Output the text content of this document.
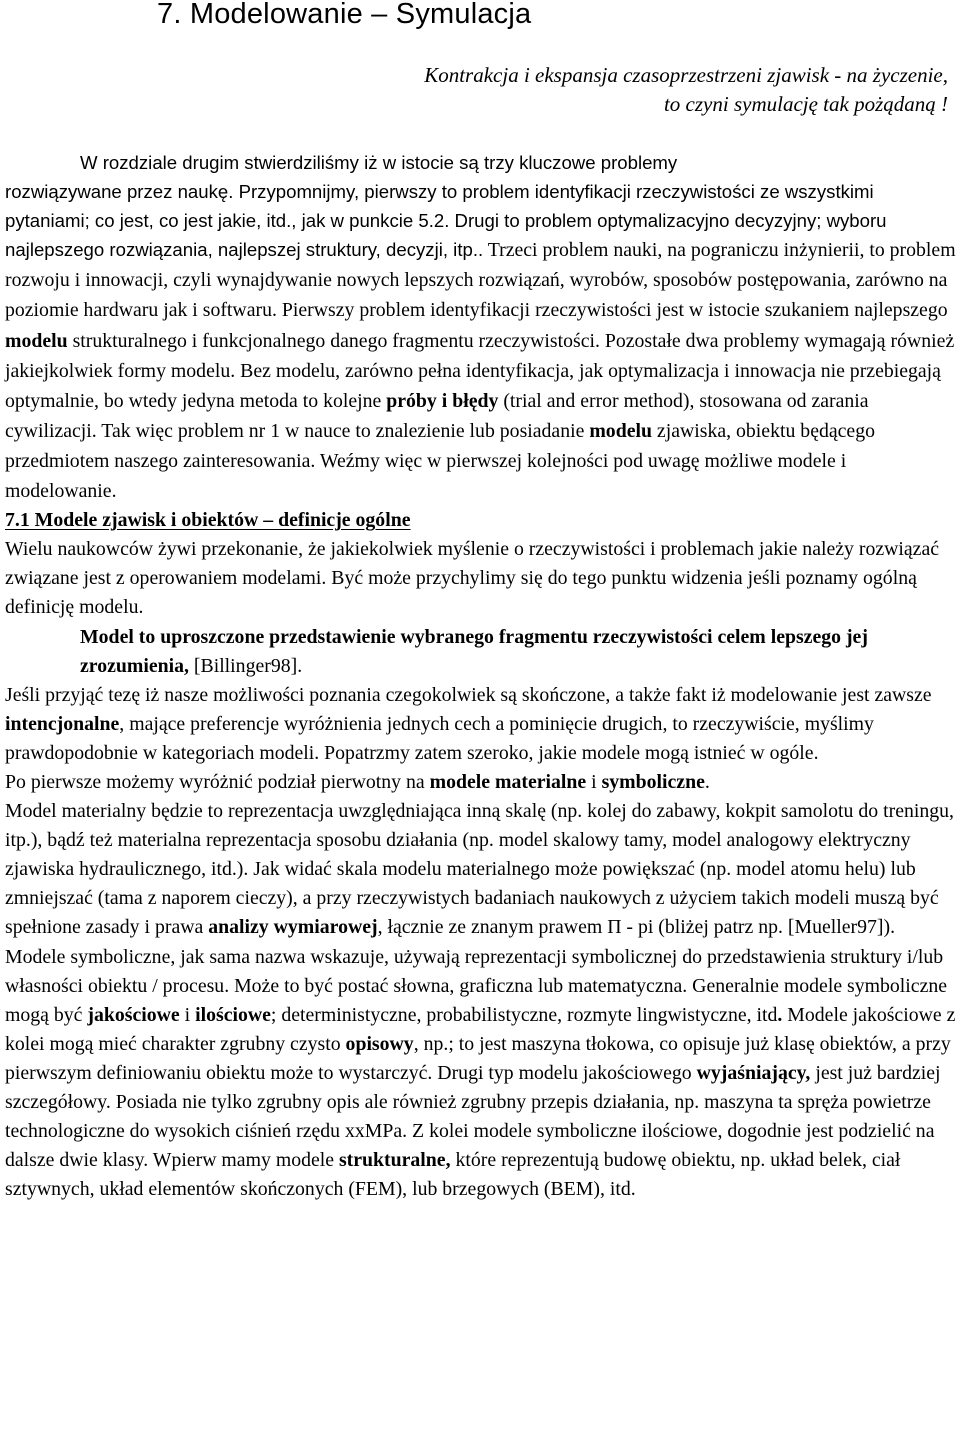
7. Modelowanie – Symulacja
Kontrakcja i ekspansja czasoprzestrzeni zjawisk - na życzenie,
to czyni symulację tak pożądaną !

W rozdziale drugim stwierdziliśmy iż w istocie są trzy kluczowe problemy

rozwiązywane przez naukę. Przypomnijmy, pierwszy to problem identyfikacji rzeczywistości ze wszystkimi pytaniami; co jest, co jest jakie, itd., jak w punkcie 5.2. Drugi to problem optymalizacyjno decyzyjny; wyboru najlepszego rozwiązania, najlepszej struktury, decyzji, itp.. Trzeci problem nauki, na pograniczu inżynierii, to problem rozwoju i innowacji, czyli wynajdywanie nowych lepszych rozwiązań, wyrobów, sposobów postępowania, zarówno na poziomie hardwaru jak i softwaru. Pierwszy problem identyfikacji rzeczywistości jest w istocie szukaniem najlepszego modelu strukturalnego i funkcjonalnego danego fragmentu rzeczywistości. Pozostałe dwa problemy wymagają również jakiejkolwiek formy modelu. Bez modelu, zarówno pełna identyfikacja, jak optymalizacja i innowacja nie przebiegają optymalnie, bo wtedy jedyna metoda to kolejne próby i błędy (trial and error method), stosowana od zarania cywilizacji. Tak więc problem nr 1 w nauce to znalezienie lub posiadanie modelu zjawiska, obiektu będącego przedmiotem naszego zainteresowania. Weźmy więc w pierwszej kolejności pod uwagę możliwe modele i modelowanie.

7.1 Modele zjawisk i obiektów – definicje ogólne

Wielu naukowców żywi przekonanie, że jakiekolwiek myślenie o rzeczywistości i problemach jakie należy rozwiązać związane jest z operowaniem modelami. Być może przychylimy się do tego punktu widzenia jeśli poznamy ogólną definicję modelu.

Model to uproszczone przedstawienie wybranego fragmentu rzeczywistości celem lepszego jej zrozumienia, [Billinger98].

Jeśli przyjąć tezę iż nasze możliwości poznania czegokolwiek są skończone, a także fakt iż modelowanie jest zawsze intencjonalne, mające preferencje wyróżnienia jednych cech a pominięcie drugich, to rzeczywiście, myślimy prawdopodobnie w kategoriach modeli. Popatrzmy zatem szeroko, jakie modele mogą istnieć w ogóle.

Po pierwsze możemy wyróżnić podział pierwotny na modele materialne i symboliczne.

Model materialny będzie to reprezentacja uwzględniająca inną skalę (np. kolej do zabawy, kokpit samolotu do treningu, itp.), bądź też materialna reprezentacja sposobu działania (np. model skalowy tamy, model analogowy elektryczny zjawiska hydraulicznego, itd.). Jak widać skala modelu materialnego może powiększać (np. model atomu helu) lub zmniejszać (tama z naporem cieczy), a przy rzeczywistych badaniach naukowych z użyciem takich modeli muszą być spełnione zasady i prawa analizy wymiarowej, łącznie ze znanym prawem Π - pi (bliżej patrz np. [Mueller97]).

Modele symboliczne, jak sama nazwa wskazuje, używają reprezentacji symbolicznej do przedstawienia struktury i/lub własności obiektu / procesu. Może to być postać słowna, graficzna lub matematyczna. Generalnie modele symboliczne mogą być jakościowe i ilościowe; deterministyczne, probabilistyczne, rozmyte lingwistyczne, itd. Modele jakościowe z kolei mogą mieć charakter zgrubny czysto opisowy, np.; to jest maszyna tłokowa, co opisuje już klasę obiektów, a przy pierwszym definiowaniu obiektu może to wystarczyć. Drugi typ modelu jakościowego wyjaśniający, jest już bardziej szczegółowy. Posiada nie tylko zgrubny opis ale również zgrubny przepis działania, np. maszyna ta spręża powietrze technologiczne do wysokich ciśnień rzędu xxMPa. Z kolei modele symboliczne ilościowe, dogodnie jest podzielić na dalsze dwie klasy. Wpierw mamy modele strukturalne, które reprezentują budowę obiektu, np. układ belek, ciał sztywnych, układ elementów skończonych (FEM), lub brzegowych (BEM), itd.
